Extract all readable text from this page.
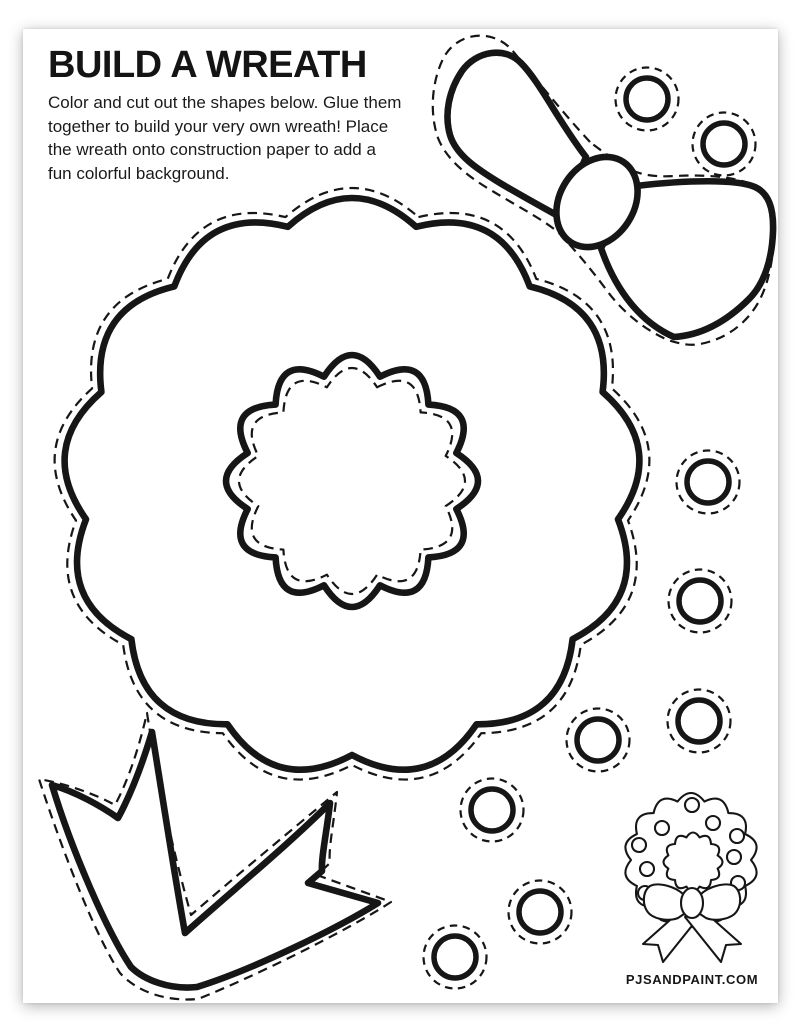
BUILD A WREATH
Color and cut out the shapes below. Glue them
together to build your very own wreath! Place
the wreath onto construction paper to add a
fun colorful background.
PJSANDPAINT.COM
